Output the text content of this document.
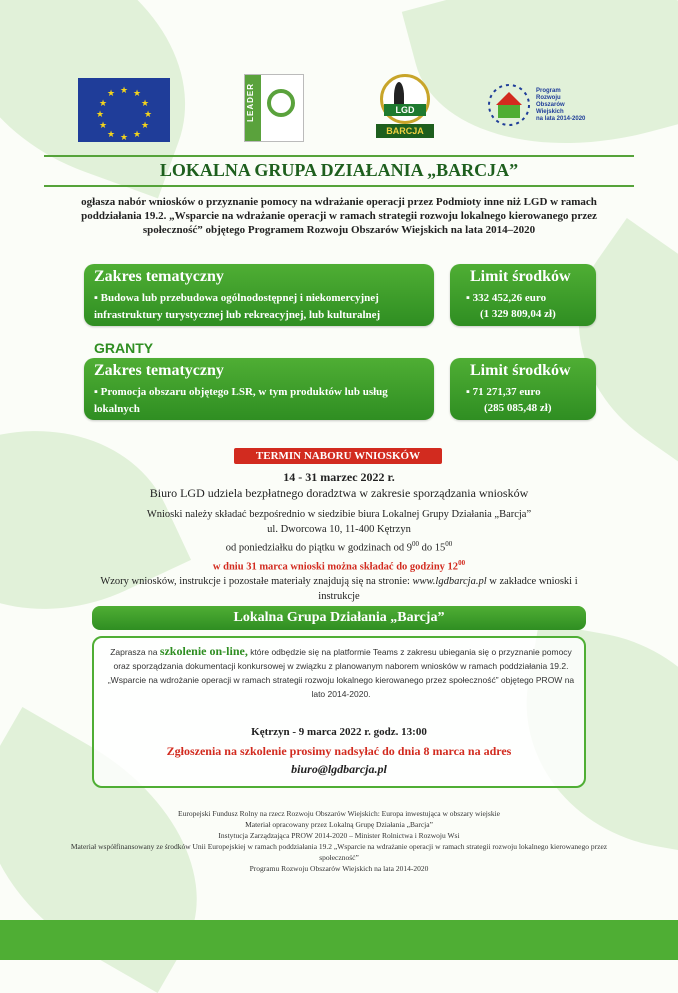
★ ★
★
★
★
★
★
★
★
★
★
★	LEADER	LGD
BARCJA
Program
Rozwoju
Obszarów
Wiejskich
na lata 2014-2020
LOKALNA GRUPA DZIAŁANIA „BARCJA”
ogłasza nabór wniosków o przyznanie pomocy na wdrażanie operacji przez Podmioty inne niż LGD w ramach poddziałania 19.2. „Wsparcie na wdrażanie operacji w ramach strategii rozwoju lokalnego kierowanego przez społeczność” objętego Programem Rozwoju Obszarów Wiejskich na lata 2014–2020
Zakres tematyczny
▪ Budowa lub przebudowa ogólnodostępnej i niekomercyjnej infrastruktury turystycznej lub rekreacyjnej, lub kulturalnej
Limit środków
▪ 332 452,26 euro
(1 329 809,04 zł)
GRANTY
Zakres tematyczny
▪ Promocja obszaru objętego LSR, w tym produktów lub usług lokalnych
Limit środków
▪ 71 271,37 euro
(285 085,48 zł)
TERMIN NABORU WNIOSKÓW
14 - 31 marzec 2022 r.
Biuro LGD udziela bezpłatnego doradztwa w zakresie sporządzania wniosków
Wnioski należy składać bezpośrednio w siedzibie biura Lokalnej Grupy Działania „Barcja”
ul. Dworcowa 10, 11-400 Kętrzyn
od poniedziałku do piątku w godzinach od $9^{00}$ do $15^{00}$
w dniu 31 marca wnioski można składać do godziny $12^{00}$
Wzory wniosków, instrukcje i pozostałe materiały znajdują się na stronie: www.lgdbarcja.pl w zakładce wnioski i instrukcje
Lokalna Grupa Działania „Barcja”
Zaprasza na szkolenie on-line, które odbędzie się na platformie Teams z zakresu ubiegania się o przyznanie pomocy oraz sporządzania dokumentacji konkursowej w związku z planowanym naborem wniosków w ramach poddziałania 19.2. „Wsparcie na wdrożanie operacji w ramach strategii rozwoju lokalnego kierowanego przez społeczność” objętego PROW na lato 2014-2020.
Kętrzyn - 9 marca 2022 r. godz. 13:00
Zgłoszenia na szkolenie prosimy nadsyłać do dnia 8 marca na adres
biuro@lgdbarcja.pl
Europejski Fundusz Rolny na rzecz Rozwoju Obszarów Wiejskich: Europa inwestująca w obszary wiejskie
Materiał opracowany przez Lokalną Grupę Działania „Barcja”
Instytucja Zarządzająca PROW 2014-2020 – Minister Rolnictwa i Rozwoju Wsi
Materiał współfinansowany ze środków Unii Europejskiej w ramach poddziałania 19.2 „Wsparcie na wdrażanie operacji w ramach strategii rozwoju lokalnego kierowanego przez społeczność”
Programu Rozwoju Obszarów Wiejskich na lata 2014-2020
